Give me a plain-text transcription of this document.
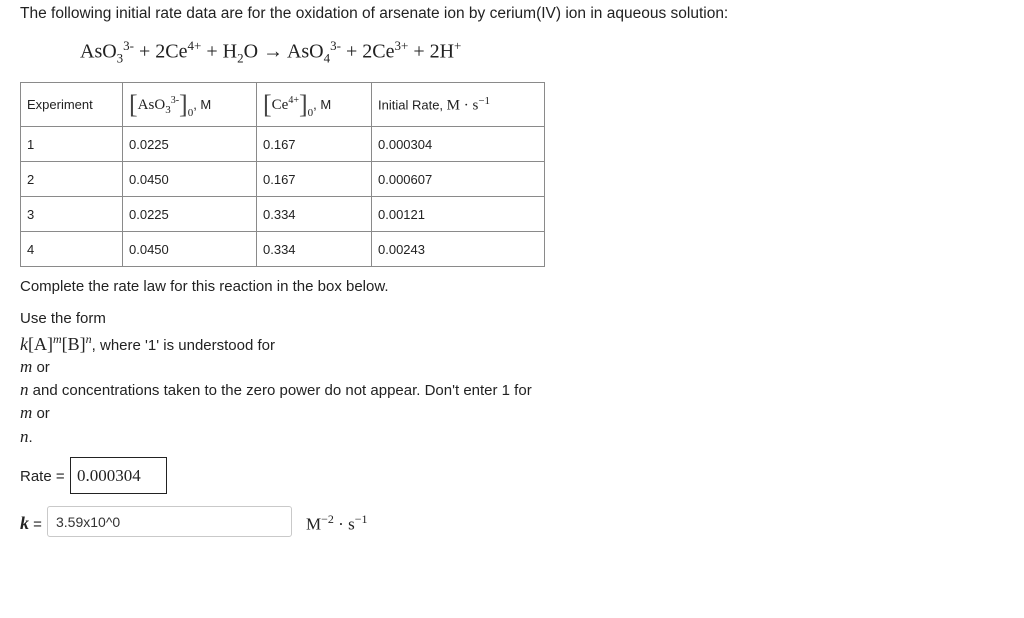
The following initial rate data are for the oxidation of arsenate ion by cerium(IV) ion in aqueous solution:
$AsO_3^{3-} + 2Ce^{4+} + H_2O \to AsO_4^{3-} + 2Ce^{3+} + 2H^+$
Experiment	$[AsO_3^{3-}]_0$, M	$[Ce^{4+}]_0$, M	Initial Rate, $M \cdot s^{-1}$
1	0.0225	0.167	0.000304
2	0.0450	0.167	0.000607
3	0.0225	0.334	0.00121
4	0.0450	0.334	0.00243
Complete the rate law for this reaction in the box below.
Use the form
$k[A]^m[B]^n$, where '1' is understood for
m or
n and concentrations taken to the zero power do not appear. Don't enter 1 for
m or
n.
Rate = 0.000304
k =
3.59x10^0	$M^{-2} \cdot s^{-1}$
